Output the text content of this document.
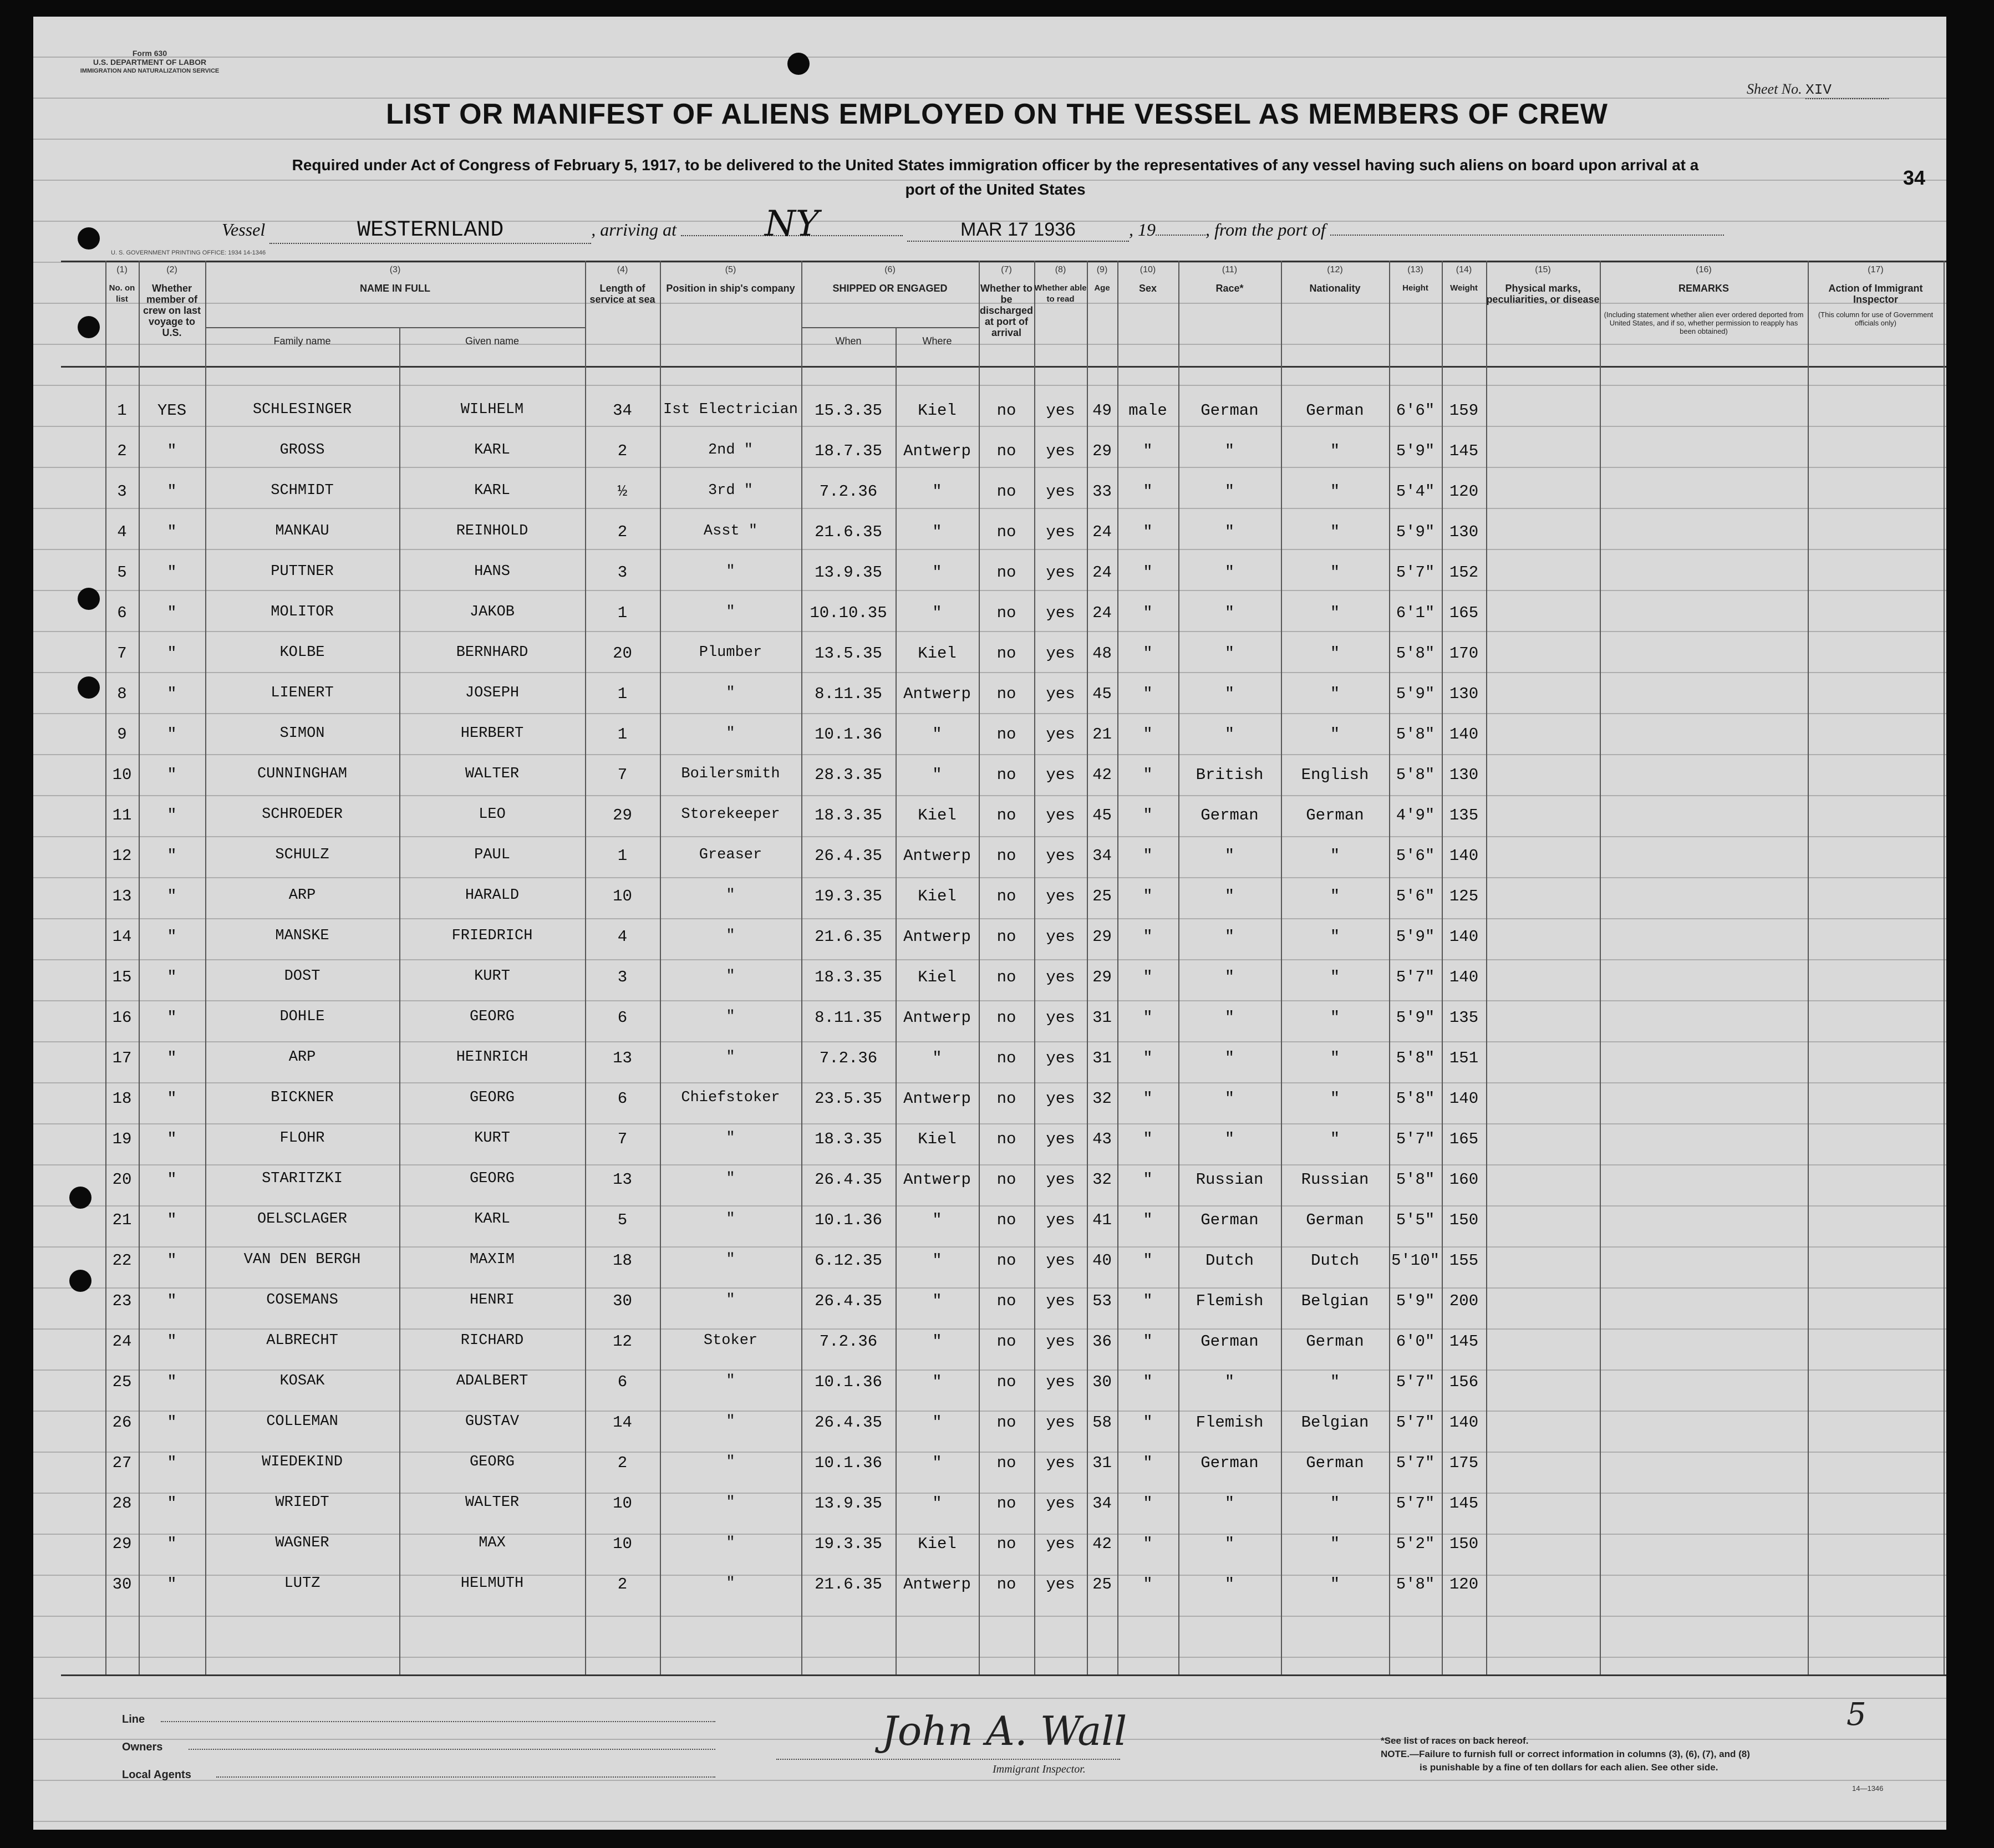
Form 630
U.S. DEPARTMENT OF LABOR
IMMIGRATION AND NATURALIZATION SERVICE
Sheet No. XIV
LIST OR MANIFEST OF ALIENS EMPLOYED ON THE VESSEL AS MEMBERS OF CREW
Required under Act of Congress of February 5, 1917, to be delivered to the United States immigration officer by the representatives of any vessel having such aliens on board upon arrival at a
port of the United States
34
Vessel	WESTERNLAND	, arriving at NY	MAR 17 1936	, 19	, from the port of
U. S. GOVERNMENT PRINTING OFFICE: 1934 14-1346
(1)
No. on list
(2)
Whether member of crew on last voyage to U.S.
(3)
NAME IN FULL
Family name	Given name
(4)
Length of service at sea
(5)
Position in ship's company
(6)
SHIPPED OR ENGAGED
When	Where
(7)
Whether to be discharged at port of arrival
(8)
Whether able to read
(9)
Age
(10)
Sex
(11)
Race*
(12)
Nationality
(13)
Height
(14)
Weight
(15)
Physical marks, peculiarities, or disease
(16)
REMARKS
(Including statement whether alien ever ordered deported from United States, and if so, whether permission to reapply has been obtained)
(17)
Action of Immigrant Inspector
(This column for use of Government officials only)
1	YES	SCHLESINGER	WILHELM	34	Ist Electrician	15.3.35	Kiel	no	yes	49	male	German	German	6'6" 159
2	"	GROSS	KARL	2	2nd "	18.7.35	Antwerp	no	yes	29	"	"	"	5'9" 145
3	"	SCHMIDT	KARL	½	3rd "	7.2.36	"	no	yes	33	"	"	"	5'4" 120
4	"	MANKAU	REINHOLD	2	Asst "	21.6.35	"	no	yes	24	"	"	"	5'9" 130
5	"	PUTTNER	HANS	3	"	13.9.35	"	no	yes	24	"	"	"	5'7" 152
6	"	MOLITOR	JAKOB	1	"	10.10.35	"	no	yes	24	"	"	"	6'1" 165
7	"	KOLBE	BERNHARD	20	Plumber	13.5.35	Kiel	no	yes	48	"	"	"	5'8" 170
8	"	LIENERT	JOSEPH	1	"	8.11.35	Antwerp	no	yes	45	"	"	"	5'9" 130
9	"	SIMON	HERBERT	1	"	10.1.36	"	no	yes	21	"	"	"	5'8" 140
10	"	CUNNINGHAM	WALTER	7	Boilersmith	28.3.35	"	no	yes	42	"	British	English	5'8" 130
11	"	SCHROEDER	LEO	29	Storekeeper	18.3.35	Kiel	no	yes	45	"	German	German	4'9" 135
12	"	SCHULZ	PAUL	1	Greaser	26.4.35	Antwerp	no	yes	34	"	"	"	5'6" 140
13	"	ARP	HARALD	10	"	19.3.35	Kiel	no	yes	25	"	"	"	5'6" 125
14	"	MANSKE	FRIEDRICH	4	"	21.6.35	Antwerp	no	yes	29	"	"	"	5'9" 140
15	"	DOST	KURT	3	"	18.3.35	Kiel	no	yes	29	"	"	"	5'7" 140
16	"	DOHLE	GEORG	6	"	8.11.35	Antwerp	no	yes	31	"	"	"	5'9" 135
17	"	ARP	HEINRICH	13	"	7.2.36	"	no	yes	31	"	"	"	5'8" 151
18	"	BICKNER	GEORG	6	Chiefstoker	23.5.35	Antwerp	no	yes	32	"	"	"	5'8" 140
19	"	FLOHR	KURT	7	"	18.3.35	Kiel	no	yes	43	"	"	"	5'7" 165
20	"	STARITZKI	GEORG	13	"	26.4.35	Antwerp	no	yes	32	"	Russian	Russian	5'8" 160
21	"	OELSCLAGER	KARL	5	"	10.1.36	"	no	yes	41	"	German	German	5'5" 150
22	"	VAN DEN BERGH	MAXIM	18	"	6.12.35	"	no	yes	40	"	Dutch	Dutch	5'10" 155
23	"	COSEMANS	HENRI	30	"	26.4.35	"	no	yes	53	"	Flemish	Belgian	5'9" 200
24	"	ALBRECHT	RICHARD	12	Stoker	7.2.36	"	no	yes	36	"	German	German	6'0" 145
25	"	KOSAK	ADALBERT	6	"	10.1.36	"	no	yes	30	"	"	"	5'7" 156
26	"	COLLEMAN	GUSTAV	14	"	26.4.35	"	no	yes	58	"	Flemish	Belgian	5'7" 140
27	"	WIEDEKIND	GEORG	2	"	10.1.36	"	no	yes	31	"	German	German	5'7" 175
28	"	WRIEDT	WALTER	10	"	13.9.35	"	no	yes	34	"	"	"	5'7" 145
29	"	WAGNER	MAX	10	"	19.3.35	Kiel	no	yes	42	"	"	"	5'2" 150
30	"	LUTZ	HELMUTH	2	"	21.6.35	Antwerp	no	yes	25	"	"	"	5'8" 120
Line
Owners
Local Agents
John A. Wall
Immigrant Inspector.
*See list of races on back hereof.
NOTE.—Failure to furnish full or correct information in columns (3), (6), (7), and (8)
is punishable by a fine of ten dollars for each alien. See other side.
5
14—1346
